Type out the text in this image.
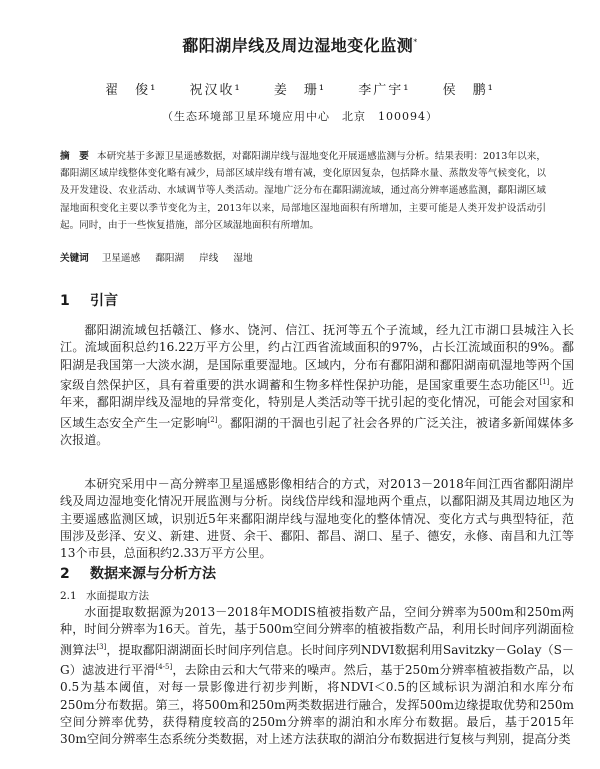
鄱阳湖岸线及周边湿地变化监测*
翟　俊¹ 祝汉收¹ 姜　珊¹ 李广宇¹ 侯　鹏¹
（生态环境部卫星环境应用中心　北京　100094）
摘　要 本研究基于多源卫星遥感数据，对鄱阳湖岸线与湿地变化开展遥感监测与分析。结果表明：2013年以来，鄱阳湖区域岸线整体变化略有减少，局部区域岸线有增有减，变化原因复杂，包括降水量、蒸散发等气候变化，以及开发建设、农业活动、水域调节等人类活动。湿地广泛分布在鄱阳湖流域，通过高分辨率遥感监测，鄱阳湖区域湿地面积变化主要以季节变化为主，2013年以来，局部地区湿地面积有所增加，主要可能是人类开发护设活动引起。同时，由于一些恢复措施，部分区域湿地面积有所增加。
关键词 卫星遥感 鄱阳湖 岸线 湿地
1 引言

鄱阳湖流域包括赣江、修水、饶河、信江、抚河等五个子流域，经九江市湖口县城注入长江。流域面积总约16.22万平方公里，约占江西省流域面积的97%，占长江流域面积的9%。鄱阳湖是我国第一大淡水湖，是国际重要湿地。区域内，分布有鄱阳湖和鄱阳湖南矶湿地等两个国家级自然保护区，具有着重要的洪水调蓄和生物多样性保护功能，是国家重要生态功能区[1]。近年来，鄱阳湖岸线及湿地的异常变化，特别是人类活动等干扰引起的变化情况，可能会对国家和区域生态安全产生一定影响[2]。鄱阳湖的干涸也引起了社会各界的广泛关注，被诸多新闻媒体多次报道。

本研究采用中－高分辨率卫星遥感影像相结合的方式，对2013－2018年间江西省鄱阳湖岸线及周边湿地变化情况开展监测与分析。岗线岱岸线和湿地两个重点，以鄱阳湖及其周边地区为主要遥感监测区域，识别近5年来鄱阳湖岸线与湿地变化的整体情况、变化方式与典型特征，范围涉及彭泽、安义、新建、进贤、余干、鄱阳、都昌、湖口、星子、德安，永修、南昌和九江等13个市县，总面积约2.33万平方公里。

2 数据来源与分析方法
2.1 水面提取方法

水面提取数据源为2013－2018年MODIS植被指数产品，空间分辨率为500m和250m两种，时间分辨率为16天。首先，基于500m空间分辨率的植被指数产品，利用长时间序列湖面检测算法[3]，提取鄱阳湖湖面长时间序列信息。长时间序列NDVI数据利用Savitzky－Golay（S－G）滤波进行平滑[4-5]，去除由云和大气带来的噪声。然后，基于250m分辨率植被指数产品，以0.5为基本阈值，对每一景影像进行初步判断，将NDVI＜0.5的区域标识为湖泊和水库分布250m分布数据。第三，将500m和250m两类数据进行融合，发挥500m边缘提取优势和250m空间分辨率优势，获得精度较高的250m分辨率的湖泊和水库分布数据。最后，基于2015年30m空间分辨率生态系统分类数据，对上述方法获取的湖泊分布数据进行复核与判别，提高分类
